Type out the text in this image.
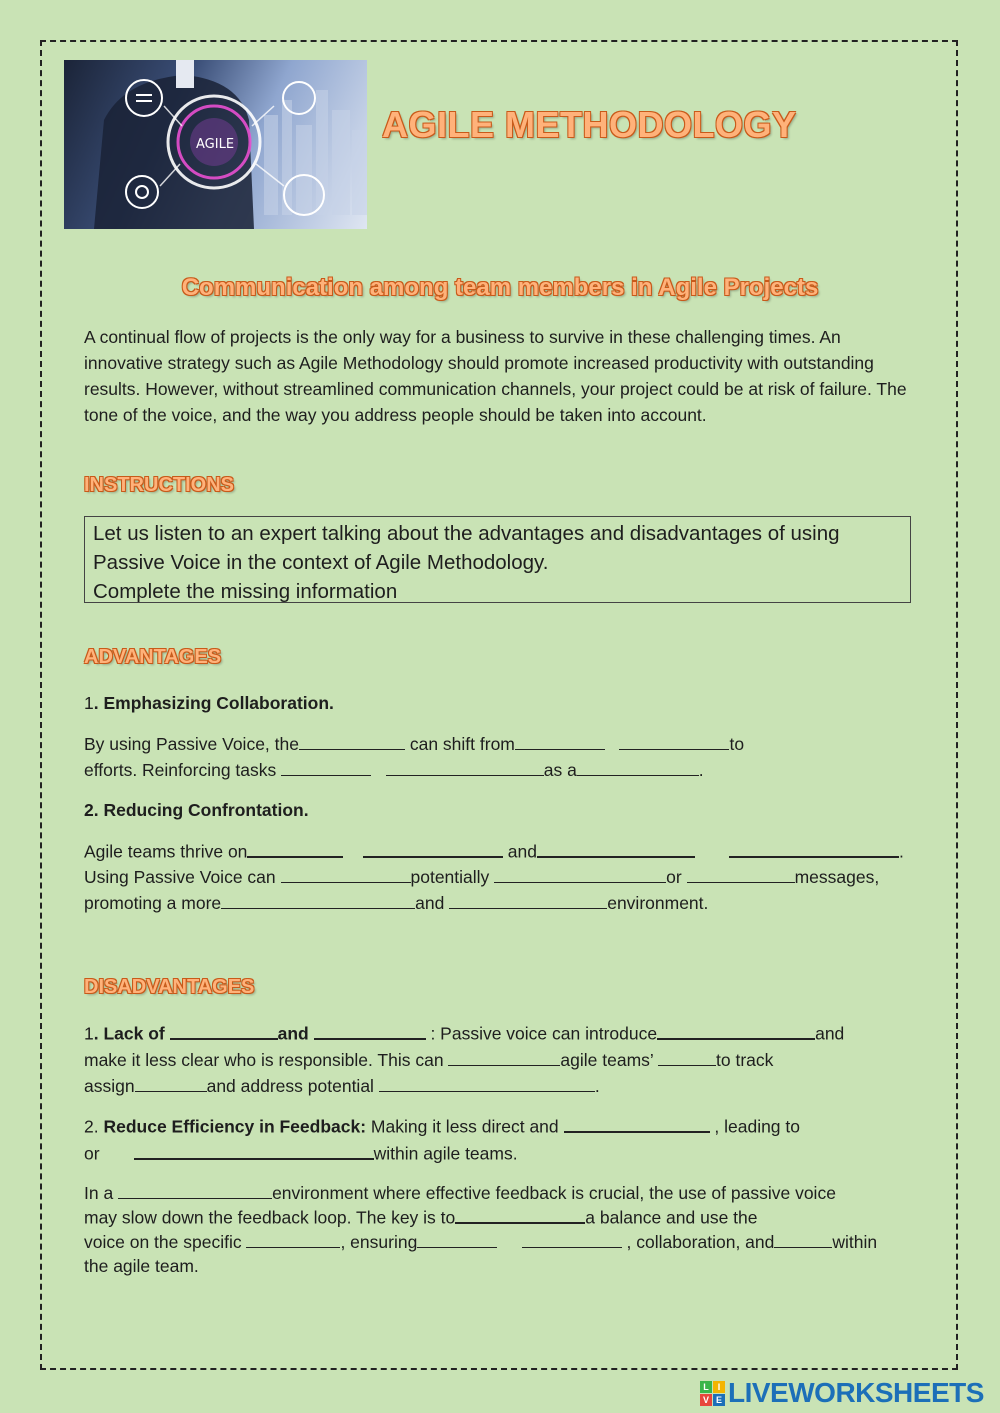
AGILE	AGILE METHODOLOGY
Communication among team members in Agile Projects
A continual flow of projects is the only way for a business to survive in these challenging times. An innovative strategy such as Agile Methodology should promote increased productivity with outstanding results. However, without streamlined communication channels, your project could be at risk of failure. The tone of the voice, and the way you address people should be taken into account.
INSTRUCTIONS
Let us listen to an expert talking about the advantages and disadvantages of using
Passive Voice in the context of Agile Methodology.
Complete the missing information
ADVANTAGES
1. Emphasizing Collaboration.
By using Passive Voice, the	can shift from	to
efforts. Reinforcing tasks	as a	.
2. Reducing Confrontation.
Agile teams thrive on	and	.
Using Passive Voice can	potentially	or	messages,
promoting a more	and	environment.
DISADVANTAGES
1. Lack of	and	: Passive voice can introduce	and
make it less clear who is responsible. This can	agile teams’	to track
assign	and address potential	.
2. Reduce Efficiency in Feedback: Making it less direct and	, leading to
or	within agile teams.
In a	environment where effective feedback is crucial, the use of passive voice
may slow down the feedback loop. The key is to	a balance and use the
voice on the specific	, ensuring	, collaboration, and	within
the agile team.
L I
V E LIVEWORKSHEETS
